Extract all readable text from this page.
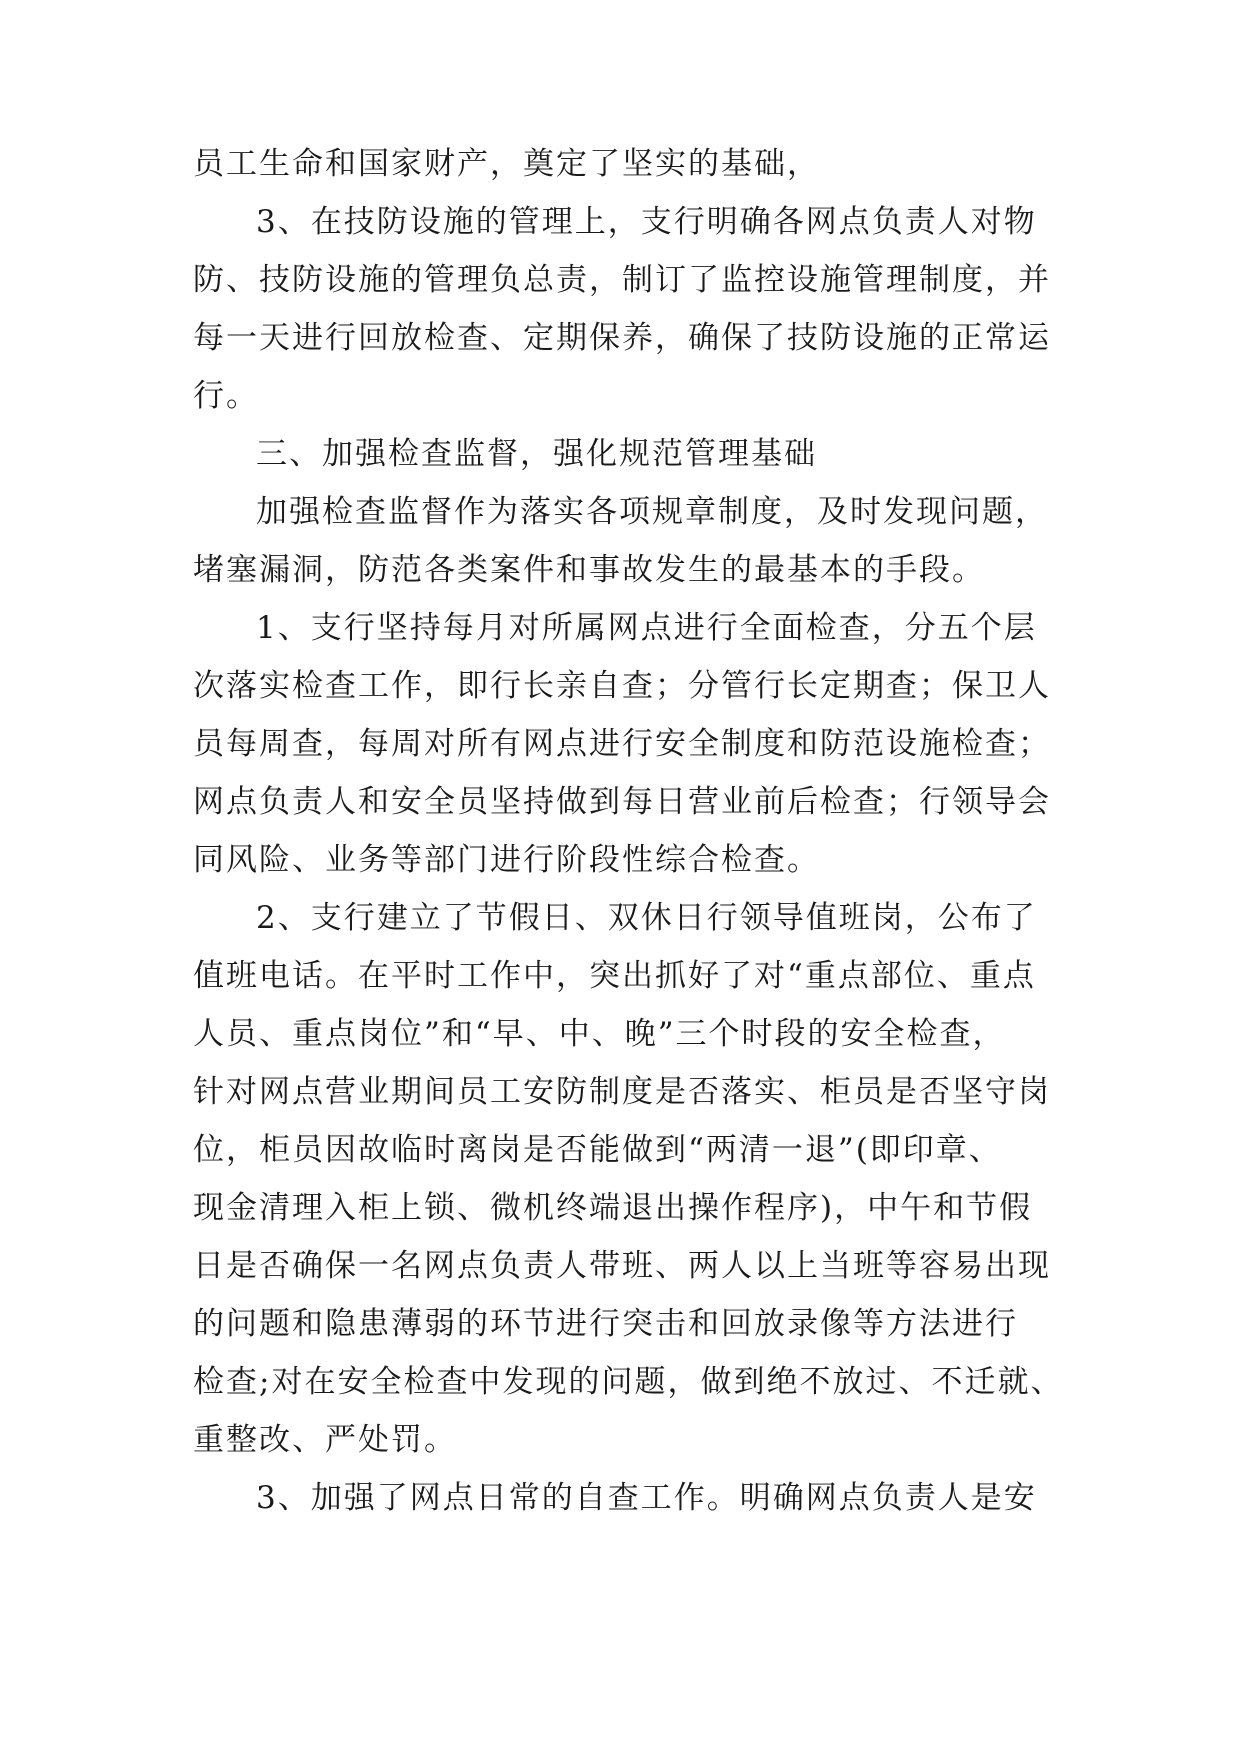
员工生命和国家财产，奠定了坚实的基础，
3、在技防设施的管理上，支行明确各网点负责人对物
防、技防设施的管理负总责，制订了监控设施管理制度，并
每一天进行回放检查、定期保养，确保了技防设施的正常运
行。
三、加强检查监督，强化规范管理基础
加强检查监督作为落实各项规章制度，及时发现问题，
堵塞漏洞，防范各类案件和事故发生的最基本的手段。
1、支行坚持每月对所属网点进行全面检查，分五个层
次落实检查工作，即行长亲自查；分管行长定期查；保卫人
员每周查，每周对所有网点进行安全制度和防范设施检查；
网点负责人和安全员坚持做到每日营业前后检查；行领导会
同风险、业务等部门进行阶段性综合检查。
2、支行建立了节假日、双休日行领导值班岗，公布了
值班电话。在平时工作中，突出抓好了对“重点部位、重点
人员、重点岗位”和“早、中、晚”三个时段的安全检查，
针对网点营业期间员工安防制度是否落实、柜员是否坚守岗
位，柜员因故临时离岗是否能做到“两清一退”(即印章、
现金清理入柜上锁、微机终端退出操作程序)，中午和节假
日是否确保一名网点负责人带班、两人以上当班等容易出现
的问题和隐患薄弱的环节进行突击和回放录像等方法进行
检查;对在安全检查中发现的问题，做到绝不放过、不迁就、
重整改、严处罚。
3、加强了网点日常的自查工作。明确网点负责人是安
